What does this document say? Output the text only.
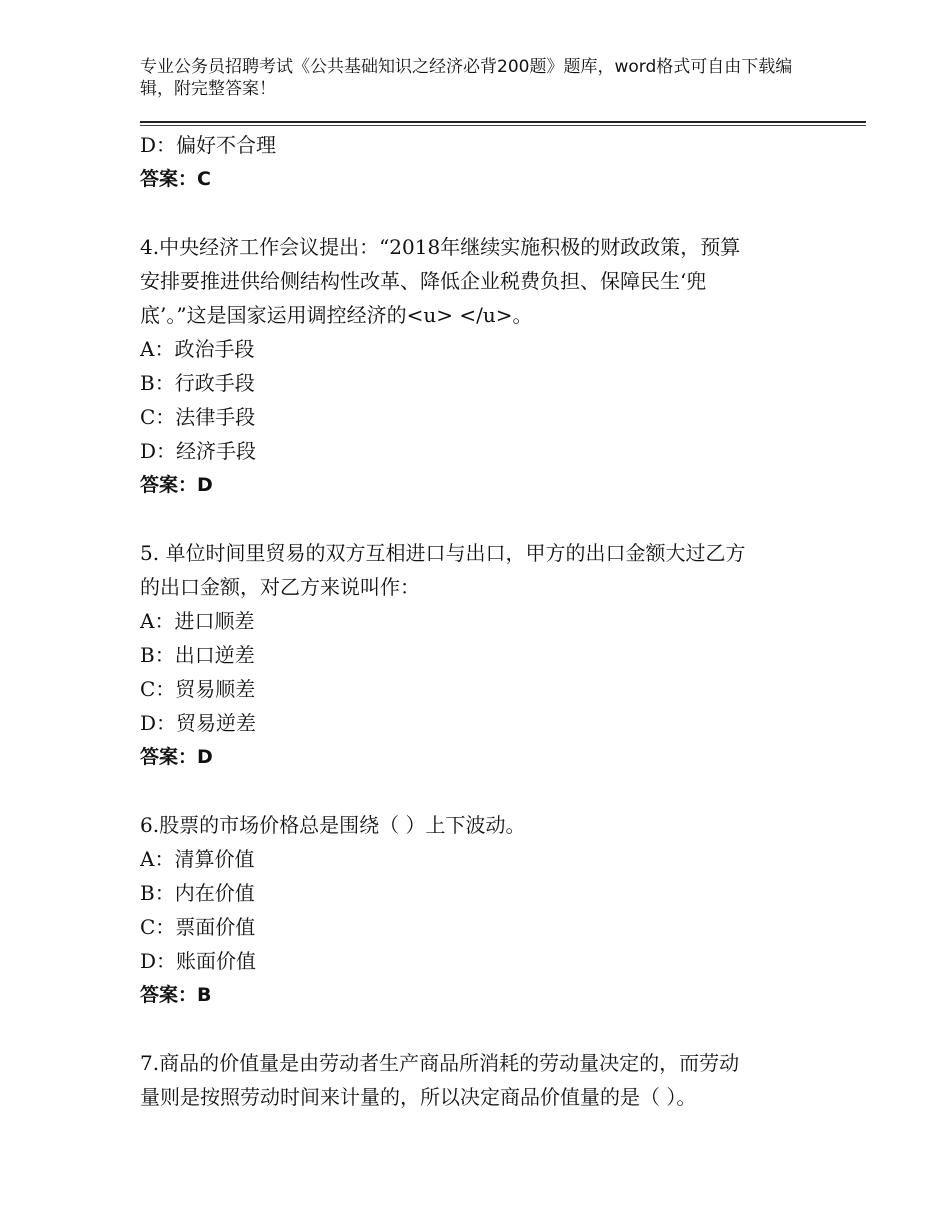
专业公务员招聘考试《公共基础知识之经济必背200题》题库，word格式可自由下载编辑，附完整答案！
D：偏好不合理
答案：C
4.中央经济工作会议提出：“2018年继续实施积极的财政政策，预算
安排要推进供给侧结构性改革、降低企业税费负担、保障民生‘兜
底’。”这是国家运用调控经济的<u> </u>。
A：政治手段
B：行政手段
C：法律手段
D：经济手段
答案：D
5. 单位时间里贸易的双方互相进口与出口，甲方的出口金额大过乙方
的出口金额，对乙方来说叫作：
A：进口顺差
B：出口逆差
C：贸易顺差
D：贸易逆差
答案：D
6.股票的市场价格总是围绕（ ）上下波动。
A：清算价值
B：内在价值
C：票面价值
D：账面价值
答案：B
7.商品的价值量是由劳动者生产商品所消耗的劳动量决定的，而劳动
量则是按照劳动时间来计量的，所以决定商品价值量的是（ ）。
